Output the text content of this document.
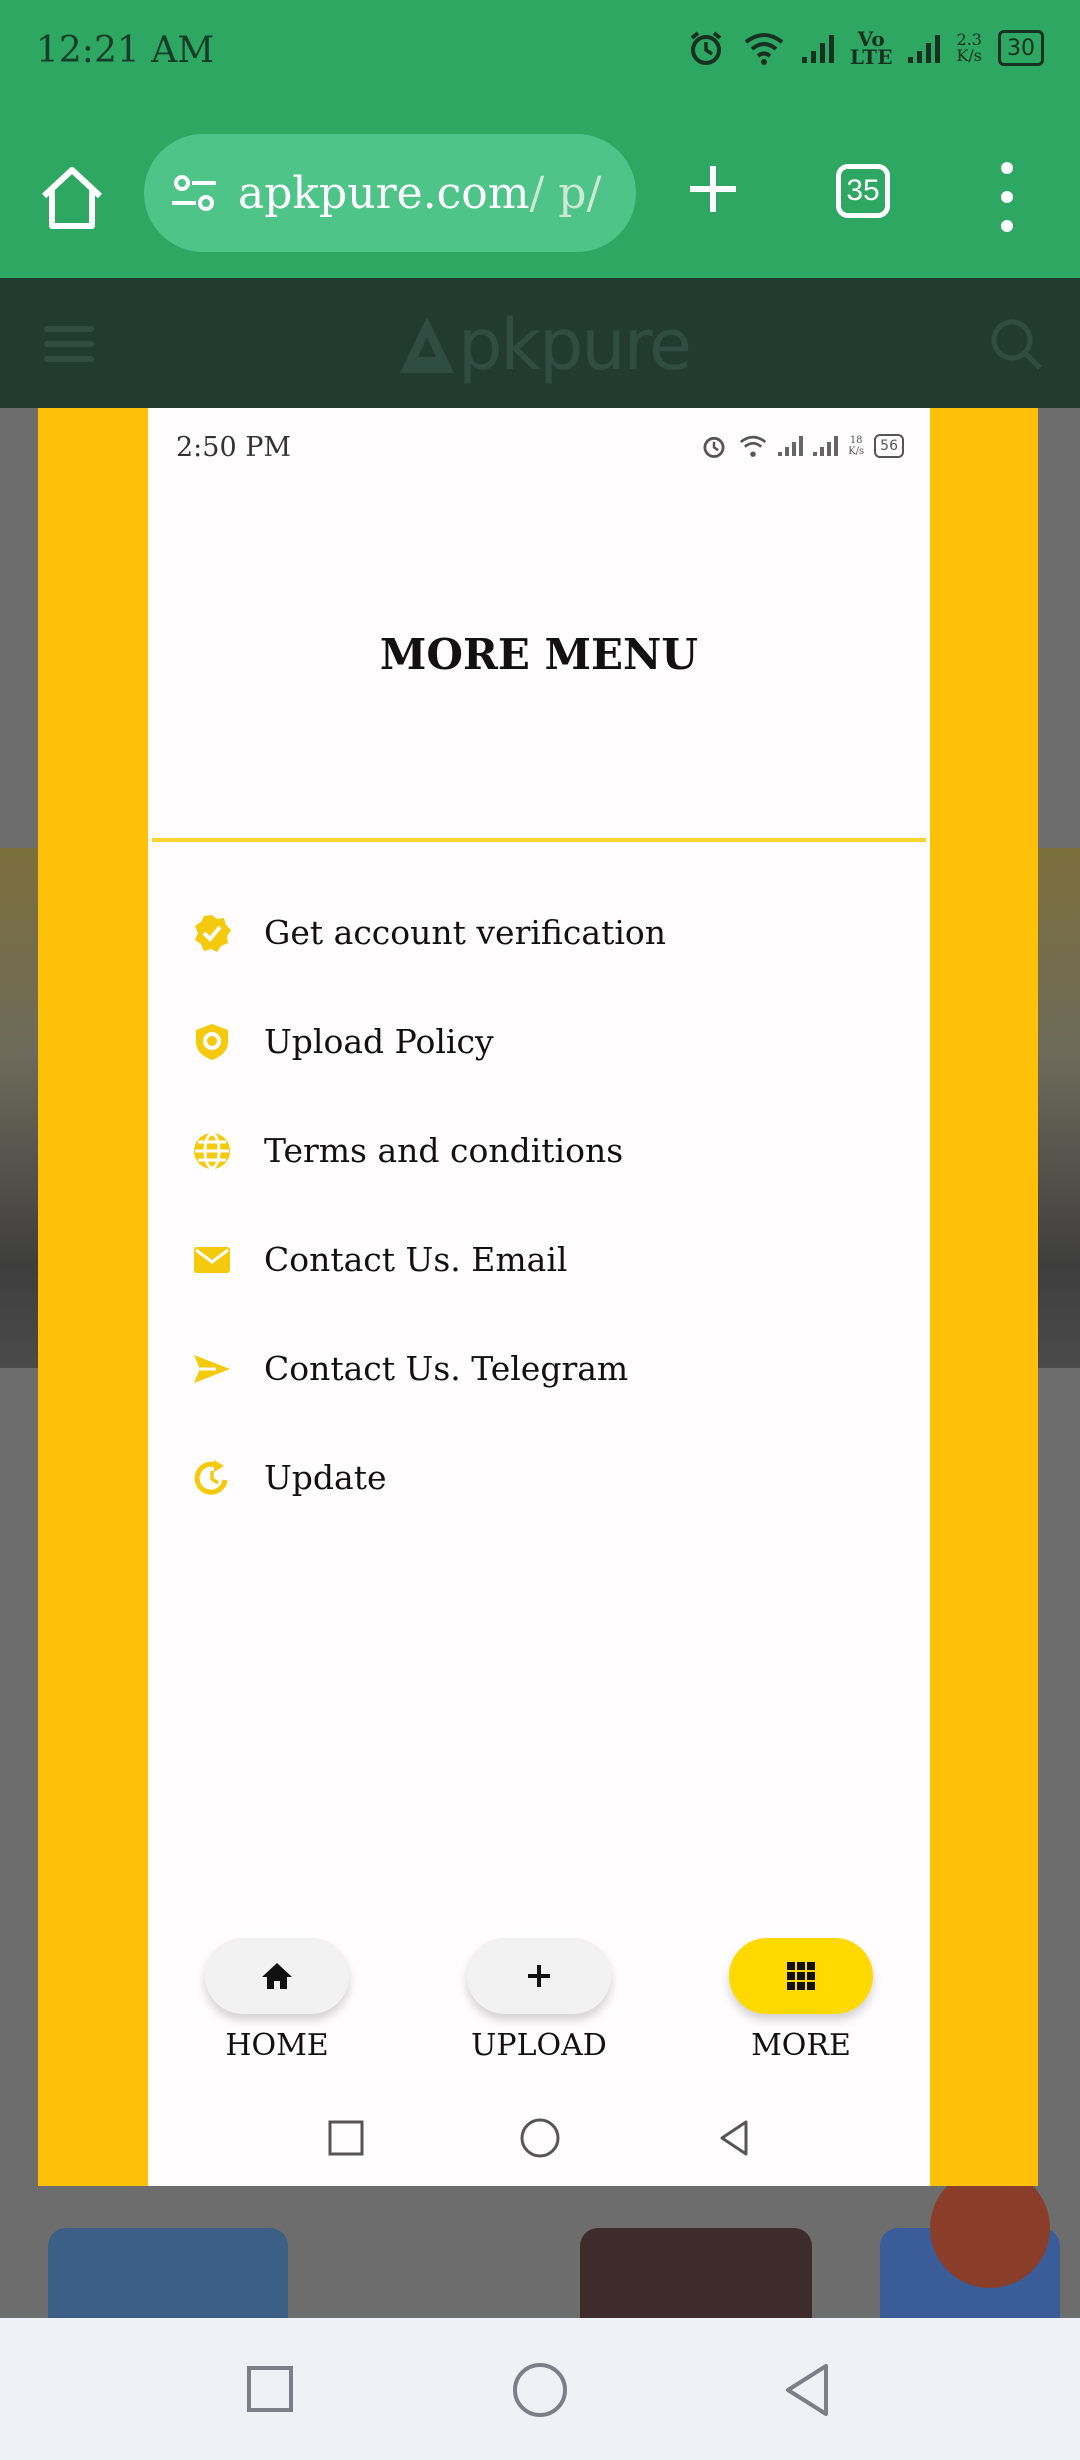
12:21 AM	Vo
LTE
2.3
K/s 30
apkpure.com/ p/	35
pkpure
2:50 PM	18
K/s 56
MORE MENU
Get account verification
Upload Policy
Terms and conditions
Contact Us. Email
Contact Us. Telegram
Update
HOME	UPLOAD	MORE
